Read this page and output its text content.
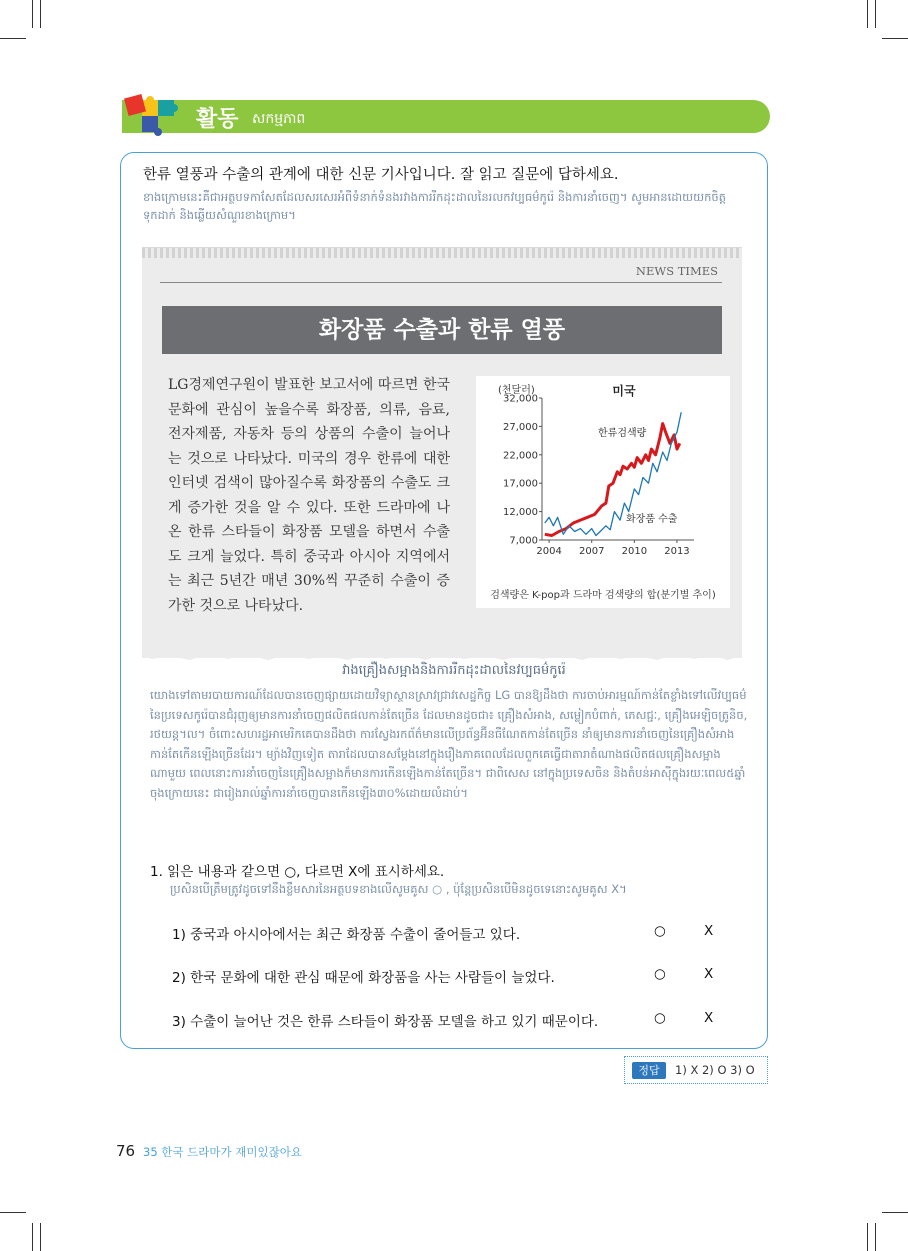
활동 សកម្មភាព
한류 열풍과 수출의 관계에 대한 신문 기사입니다. 잘 읽고 질문에 답하세요.
ខាងក្រោមនេះគឺជាអត្ថបទកាសែតដែលសរសេរអំពីទំនាក់ទំនងរវាងការរីកដុះដាលនៃរលកវប្បធម៌កូរ៉េ និងការនាំចេញ។ សូមអានដោយយកចិត្តទុកដាក់ និងឆ្លើយសំណួរខាងក្រោម។
NEWS TIMES
화장품 수출과 한류 열풍
LG경제연구원이 발표한 보고서에 따르면 한국 문화에 관심이 높을수록 화장품, 의류, 음료, 전자제품, 자동차 등의 상품의 수출이 늘어나는 것으로 나타났다. 미국의 경우 한류에 대한 인터넷 검색이 많아질수록 화장품의 수출도 크게 증가한 것을 알 수 있다. 또한 드라마에 나온 한류 스타들이 화장품 모델을 하면서 수출도 크게 늘었다. 특히 중국과 아시아 지역에서는 최근 5년간 매년 30%씩 꾸준히 수출이 증가한 것으로 나타났다.
7,000
12,000
17,000
22,000
27,000
32,000
2004 2007 2010 2013
(천달러)	미국
한류검색량
화장품 수출
검색량은 K-pop과 드라마 검색량의 합(분기별 추이)
វាងគ្រឿងសម្អាងនិងការរីកដុះដាលនៃវប្បធម៌កូរ៉េ
យោងទៅតាមរបាយការណ៍ដែលបានចេញផ្សាយដោយវិទ្យាស្ថានស្រាវជ្រាវសេដ្ឋកិច្ច LG បានឱ្យដឹងថា ការចាប់អារម្មណ៍កាន់តែខ្លាំងទៅលើវប្បធម៌នៃប្រទេសកូរ៉េបានជំរុញឲ្យមានការនាំចេញផលិតផលកាន់តែច្រើន ដែលមានដូចជា៖ គ្រឿងសំអាង, សម្លៀកបំពាក់, ភេសជ្ជៈ, គ្រឿងអេឡិចត្រូនិច, រថយន្ត។ល។ ចំពោះសហរដ្ឋអាមេរិកគេបានដឹងថា ការស្វែងរកព័ត៌មានលើប្រព័ន្ធអ៊ីនធឺណែតកាន់តែច្រើន នាំឲ្យមានការនាំចេញនៃគ្រឿងសំអាងកាន់តែកើនឡើងច្រើនដែរ។ ម្យ៉ាងវិញទៀត តារាដែលបានសម្ដែងនៅក្នុងរឿងភាគពេលដែលពួកគេធ្វើជាតារាតំណាងផលិតផលគ្រឿងសម្អាងណាមួយ ពេលនោះការនាំចេញនៃគ្រឿងសម្អាងក៏មានការកើនឡើងកាន់តែច្រើន។ ជាពិសេស នៅក្នុងប្រទេសចិន និងតំបន់អាស៊ីក្នុងរយៈពេល៥ឆ្នាំចុងក្រោយនេះ ជារៀងរាល់ឆ្នាំការនាំចេញបានកើនឡើង៣០%ដោយលំដាប់។
1. 읽은 내용과 같으면 ○, 다르면 X에 표시하세요.
ប្រសិនបើត្រឹមត្រូវដូចទៅនឹងខ្លឹមសារនៃអត្ថបទខាងលើសូមគូស ○ , ប៉ុន្តែប្រសិនបើមិនដូចទេនោះសូមគូស X។
1) 중국과 아시아에서는 최근 화장품 수출이 줄어들고 있다.	○	X
2) 한국 문화에 대한 관심 때문에 화장품을 사는 사람들이 늘었다.	○	X
3) 수출이 늘어난 것은 한류 스타들이 화장품 모델을 하고 있기 때문이다.	○	X
정답	1) X 2) O 3) O
76 35 한국 드라마가 재미있잖아요
